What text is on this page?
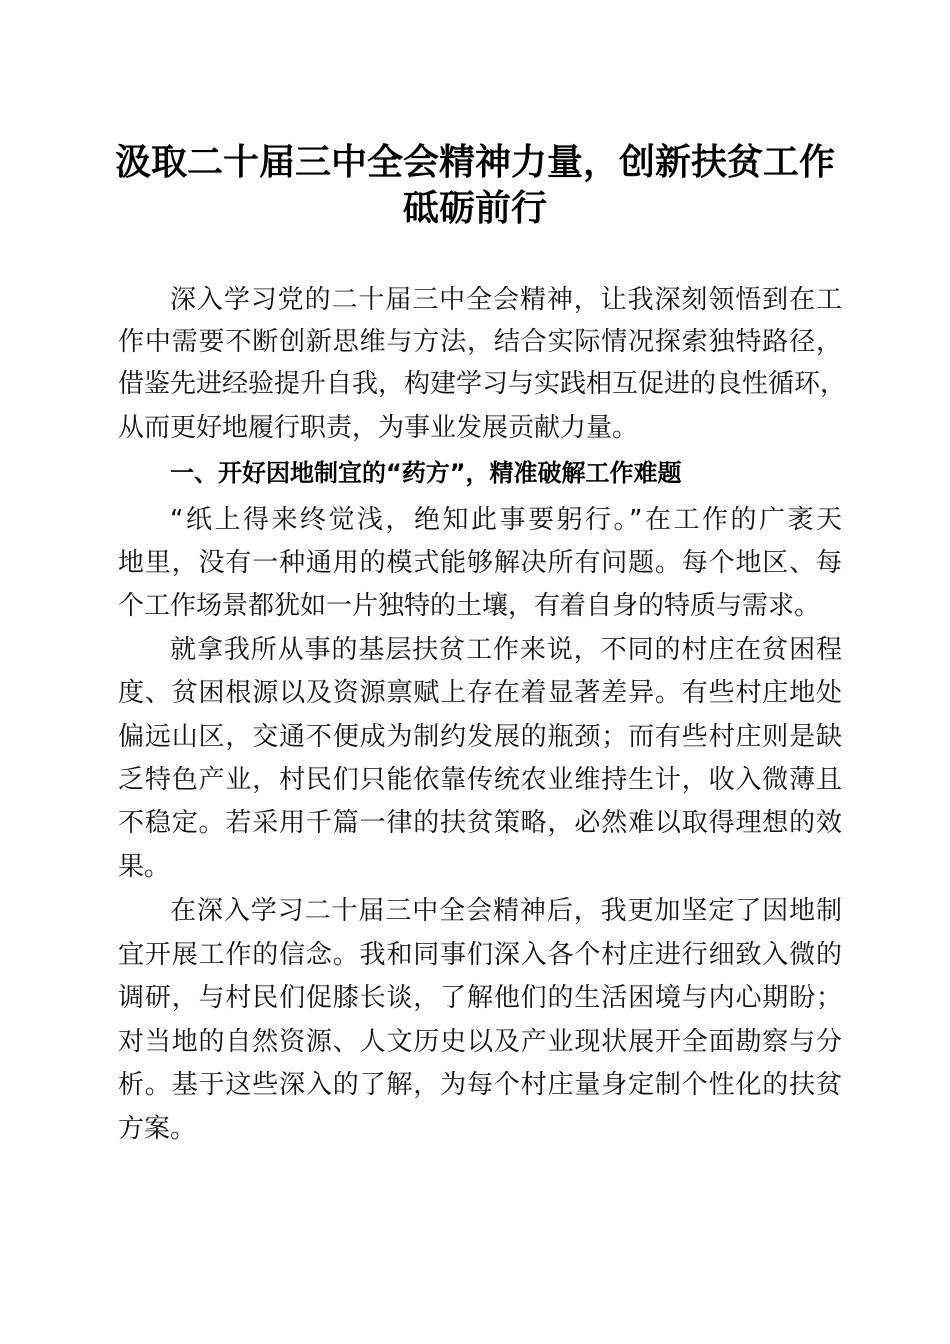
汲取二十届三中全会精神力量，创新扶贫工作
砥砺前行

深入学习党的二十届三中全会精神，让我深刻领悟到在工

作中需要不断创新思维与方法，结合实际情况探索独特路径，

借鉴先进经验提升自我，构建学习与实践相互促进的良性循环，

从而更好地履行职责，为事业发展贡献力量。

一、开好因地制宜的“药方”，精准破解工作难题

“纸上得来终觉浅，绝知此事要躬行。”在工作的广袤天

地里，没有一种通用的模式能够解决所有问题。每个地区、每

个工作场景都犹如一片独特的土壤，有着自身的特质与需求。

就拿我所从事的基层扶贫工作来说，不同的村庄在贫困程

度、贫困根源以及资源禀赋上存在着显著差异。有些村庄地处

偏远山区，交通不便成为制约发展的瓶颈；而有些村庄则是缺

乏特色产业，村民们只能依靠传统农业维持生计，收入微薄且

不稳定。若采用千篇一律的扶贫策略，必然难以取得理想的效

果。

在深入学习二十届三中全会精神后，我更加坚定了因地制

宜开展工作的信念。我和同事们深入各个村庄进行细致入微的

调研，与村民们促膝长谈，了解他们的生活困境与内心期盼；

对当地的自然资源、人文历史以及产业现状展开全面勘察与分

析。基于这些深入的了解，为每个村庄量身定制个性化的扶贫

方案。
